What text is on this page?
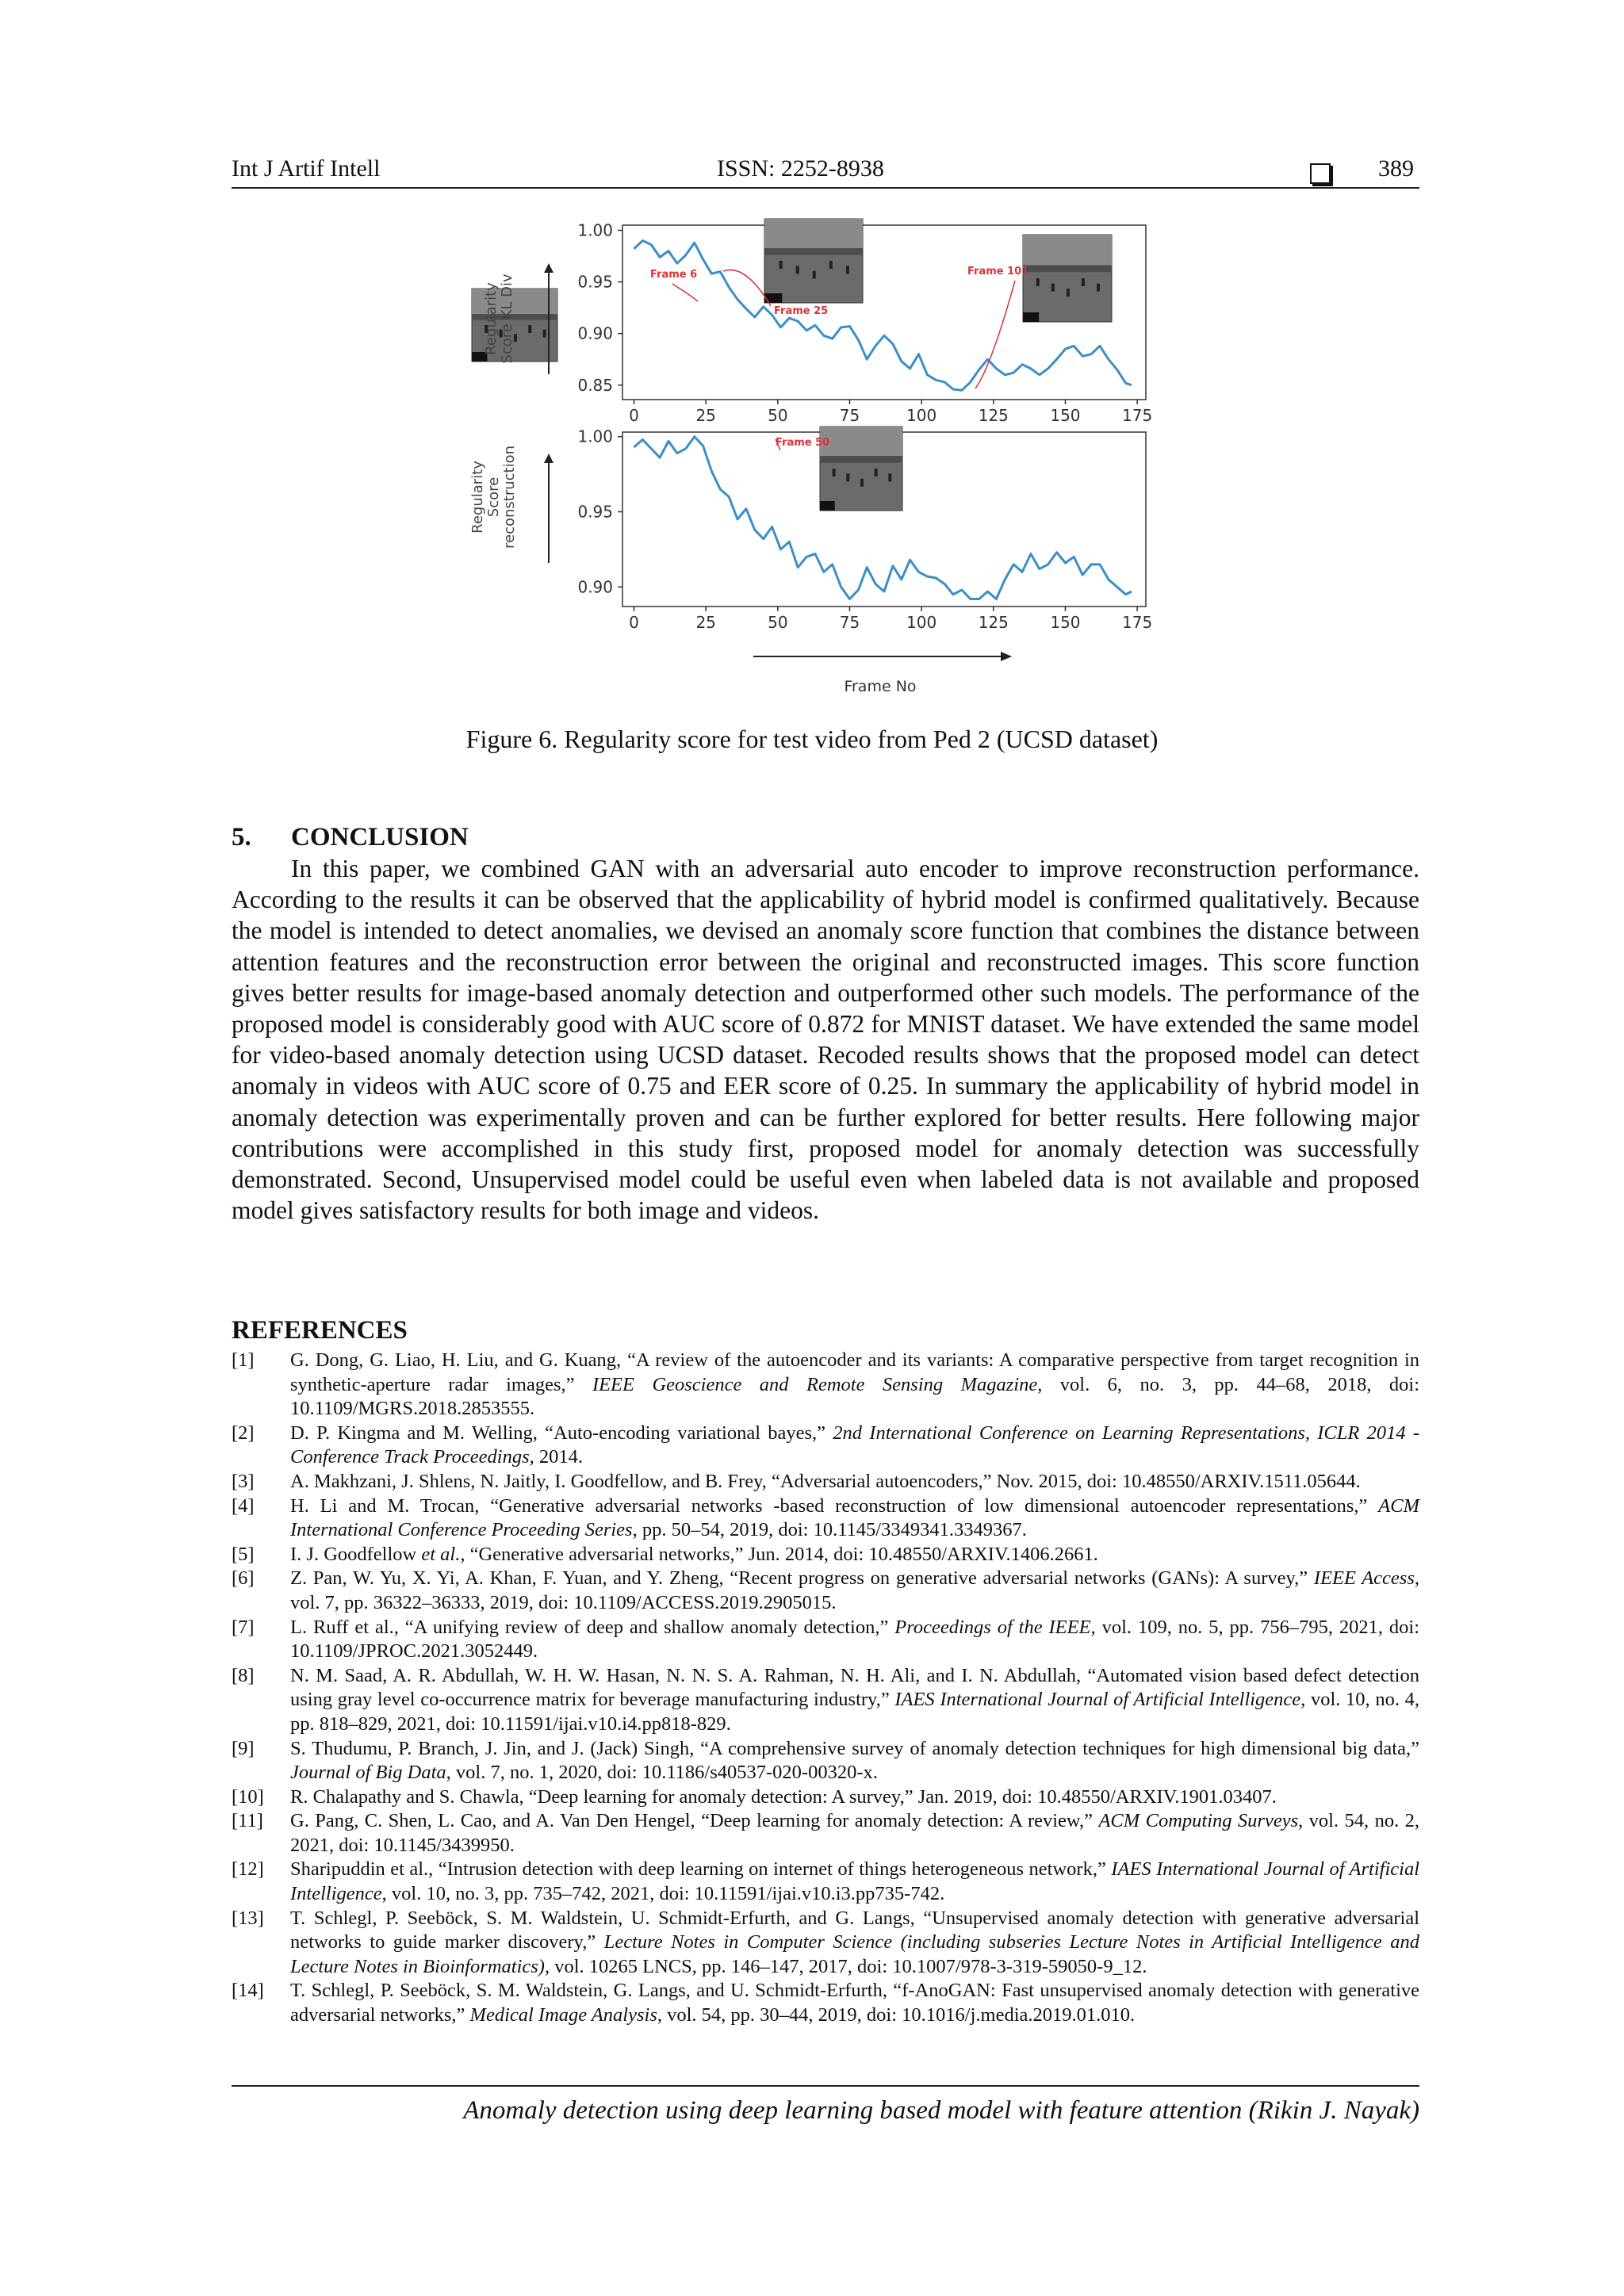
Int J Artif Intell	ISSN: 2252-8938	389
0.85
0.90
0.95
1.00
0	25	50	75	100	125	150	175
0.90
0.95
1.00
0	25	50	75	100	125	150	175
Frame 6
Frame 25
Frame 101
Frame 50
Frame No
RegularityScore KL Div
RegularityScorereconstruction
Figure 6. Regularity score for test video from Ped 2 (UCSD dataset)
5. CONCLUSION
In this paper, we combined GAN with an adversarial auto encoder to improve reconstruction performance. According to the results it can be observed that the applicability of hybrid model is confirmed qualitatively. Because the model is intended to detect anomalies, we devised an anomaly score function that combines the distance between attention features and the reconstruction error between the original and reconstructed images. This score function gives better results for image-based anomaly detection and outperformed other such models. The performance of the proposed model is considerably good with AUC score of 0.872 for MNIST dataset. We have extended the same model for video-based anomaly detection using UCSD dataset. Recoded results shows that the proposed model can detect anomaly in videos with AUC score of 0.75 and EER score of 0.25. In summary the applicability of hybrid model in anomaly detection was experimentally proven and can be further explored for better results. Here following major contributions were accomplished in this study first, proposed model for anomaly detection was successfully demonstrated. Second, Unsupervised model could be useful even when labeled data is not available and proposed model gives satisfactory results for both image and videos.
REFERENCES
[1] G. Dong, G. Liao, H. Liu, and G. Kuang, “A review of the autoencoder and its variants: A comparative perspective from target recognition in synthetic-aperture radar images,” IEEE Geoscience and Remote Sensing Magazine, vol. 6, no. 3, pp. 44–68, 2018, doi: 10.1109/MGRS.2018.2853555.
[2] D. P. Kingma and M. Welling, “Auto-encoding variational bayes,” 2nd International Conference on Learning Representations, ICLR 2014 - Conference Track Proceedings, 2014.
[3] A. Makhzani, J. Shlens, N. Jaitly, I. Goodfellow, and B. Frey, “Adversarial autoencoders,” Nov. 2015, doi: 10.48550/ARXIV.1511.05644.
[4] H. Li and M. Trocan, “Generative adversarial networks -based reconstruction of low dimensional autoencoder representations,” ACM International Conference Proceeding Series, pp. 50–54, 2019, doi: 10.1145/3349341.3349367.
[5] I. J. Goodfellow et al., “Generative adversarial networks,” Jun. 2014, doi: 10.48550/ARXIV.1406.2661.
[6] Z. Pan, W. Yu, X. Yi, A. Khan, F. Yuan, and Y. Zheng, “Recent progress on generative adversarial networks (GANs): A survey,” IEEE Access, vol. 7, pp. 36322–36333, 2019, doi: 10.1109/ACCESS.2019.2905015.
[7] L. Ruff et al., “A unifying review of deep and shallow anomaly detection,” Proceedings of the IEEE, vol. 109, no. 5, pp. 756–795, 2021, doi: 10.1109/JPROC.2021.3052449.
[8] N. M. Saad, A. R. Abdullah, W. H. W. Hasan, N. N. S. A. Rahman, N. H. Ali, and I. N. Abdullah, “Automated vision based defect detection using gray level co-occurrence matrix for beverage manufacturing industry,” IAES International Journal of Artificial Intelligence, vol. 10, no. 4, pp. 818–829, 2021, doi: 10.11591/ijai.v10.i4.pp818-829.
[9] S. Thudumu, P. Branch, J. Jin, and J. (Jack) Singh, “A comprehensive survey of anomaly detection techniques for high dimensional big data,” Journal of Big Data, vol. 7, no. 1, 2020, doi: 10.1186/s40537-020-00320-x.
[10] R. Chalapathy and S. Chawla, “Deep learning for anomaly detection: A survey,” Jan. 2019, doi: 10.48550/ARXIV.1901.03407.
[11] G. Pang, C. Shen, L. Cao, and A. Van Den Hengel, “Deep learning for anomaly detection: A review,” ACM Computing Surveys, vol. 54, no. 2, 2021, doi: 10.1145/3439950.
[12] Sharipuddin et al., “Intrusion detection with deep learning on internet of things heterogeneous network,” IAES International Journal of Artificial Intelligence, vol. 10, no. 3, pp. 735–742, 2021, doi: 10.11591/ijai.v10.i3.pp735-742.
[13] T. Schlegl, P. Seeböck, S. M. Waldstein, U. Schmidt-Erfurth, and G. Langs, “Unsupervised anomaly detection with generative adversarial networks to guide marker discovery,” Lecture Notes in Computer Science (including subseries Lecture Notes in Artificial Intelligence and Lecture Notes in Bioinformatics), vol. 10265 LNCS, pp. 146–147, 2017, doi: 10.1007/978-3-319-59050-9_12.
[14] T. Schlegl, P. Seeböck, S. M. Waldstein, G. Langs, and U. Schmidt-Erfurth, “f-AnoGAN: Fast unsupervised anomaly detection with generative adversarial networks,” Medical Image Analysis, vol. 54, pp. 30–44, 2019, doi: 10.1016/j.media.2019.01.010.
Anomaly detection using deep learning based model with feature attention (Rikin J. Nayak)
